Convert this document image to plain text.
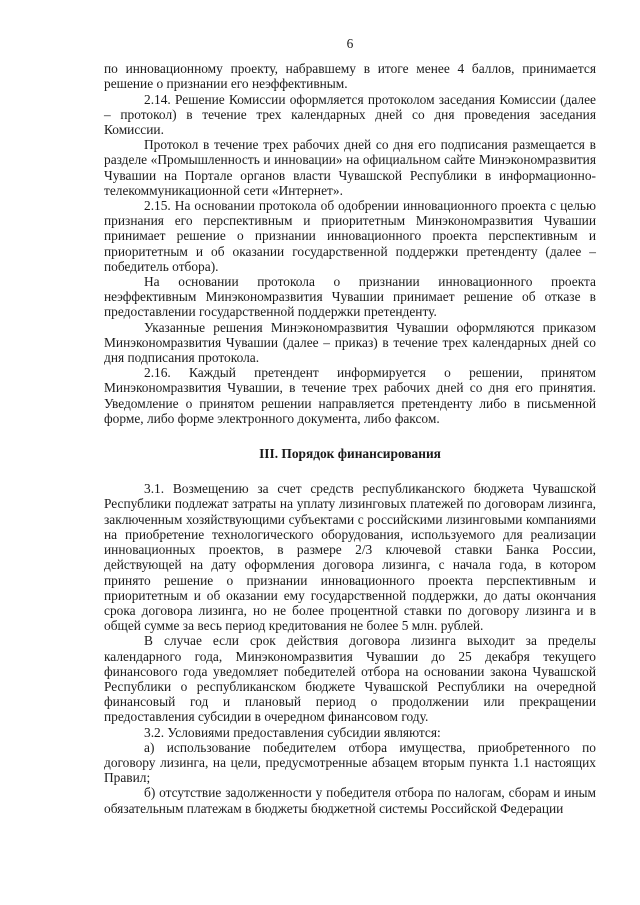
6

по инновационному проекту, набравшему в итоге менее 4 баллов, принимается решение о признании его неэффективным.

2.14. Решение Комиссии оформляется протоколом заседания Комиссии (далее – протокол) в течение трех календарных дней со дня проведения заседания Комиссии.

Протокол в течение трех рабочих дней со дня его подписания размещается в разделе «Промышленность и инновации» на официальном сайте Минэкономразвития Чувашии на Портале органов власти Чувашской Республики в информационно-телекоммуникационной сети «Интернет».

2.15. На основании протокола об одобрении инновационного проекта с целью признания его перспективным и приоритетным Минэкономразвития Чувашии принимает решение о признании инновационного проекта перспективным и приоритетным и об оказании государственной поддержки претенденту (далее – победитель отбора).

На основании протокола о признании инновационного проекта неэффективным Минэкономразвития Чувашии принимает решение об отказе в предоставлении государственной поддержки претенденту.

Указанные решения Минэкономразвития Чувашии оформляются приказом Минэкономразвития Чувашии (далее – приказ) в течение трех календарных дней со дня подписания протокола.

2.16. Каждый претендент информируется о решении, принятом Минэкономразвития Чувашии, в течение трех рабочих дней со дня его принятия. Уведомление о принятом решении направляется претенденту либо в письменной форме, либо форме электронного документа, либо факсом.

III. Порядок финансирования

3.1. Возмещению за счет средств республиканского бюджета Чувашской Республики подлежат затраты на уплату лизинговых платежей по договорам лизинга, заключенным хозяйствующими субъектами с российскими лизинговыми компаниями на приобретение технологического оборудования, используемого для реализации инновационных проектов, в размере 2/3 ключевой ставки Банка России, действующей на дату оформления договора лизинга, с начала года, в котором принято решение о признании инновационного проекта перспективным и приоритетным и об оказании ему государственной поддержки, до даты окончания срока договора лизинга, но не более процентной ставки по договору лизинга и в общей сумме за весь период кредитования не более 5 млн. рублей.

В случае если срок действия договора лизинга выходит за пределы календарного года, Минэкономразвития Чувашии до 25 декабря текущего финансового года уведомляет победителей отбора на основании закона Чувашской Республики о республиканском бюджете Чувашской Республики на очередной финансовый год и плановый период о продолжении или прекращении предоставления субсидии в очередном финансовом году.

3.2. Условиями предоставления субсидии являются:

а) использование победителем отбора имущества, приобретенного по договору лизинга, на цели, предусмотренные абзацем вторым пункта 1.1 настоящих Правил;

б) отсутствие задолженности у победителя отбора по налогам, сборам и иным обязательным платежам в бюджеты бюджетной системы Российской Федерации
